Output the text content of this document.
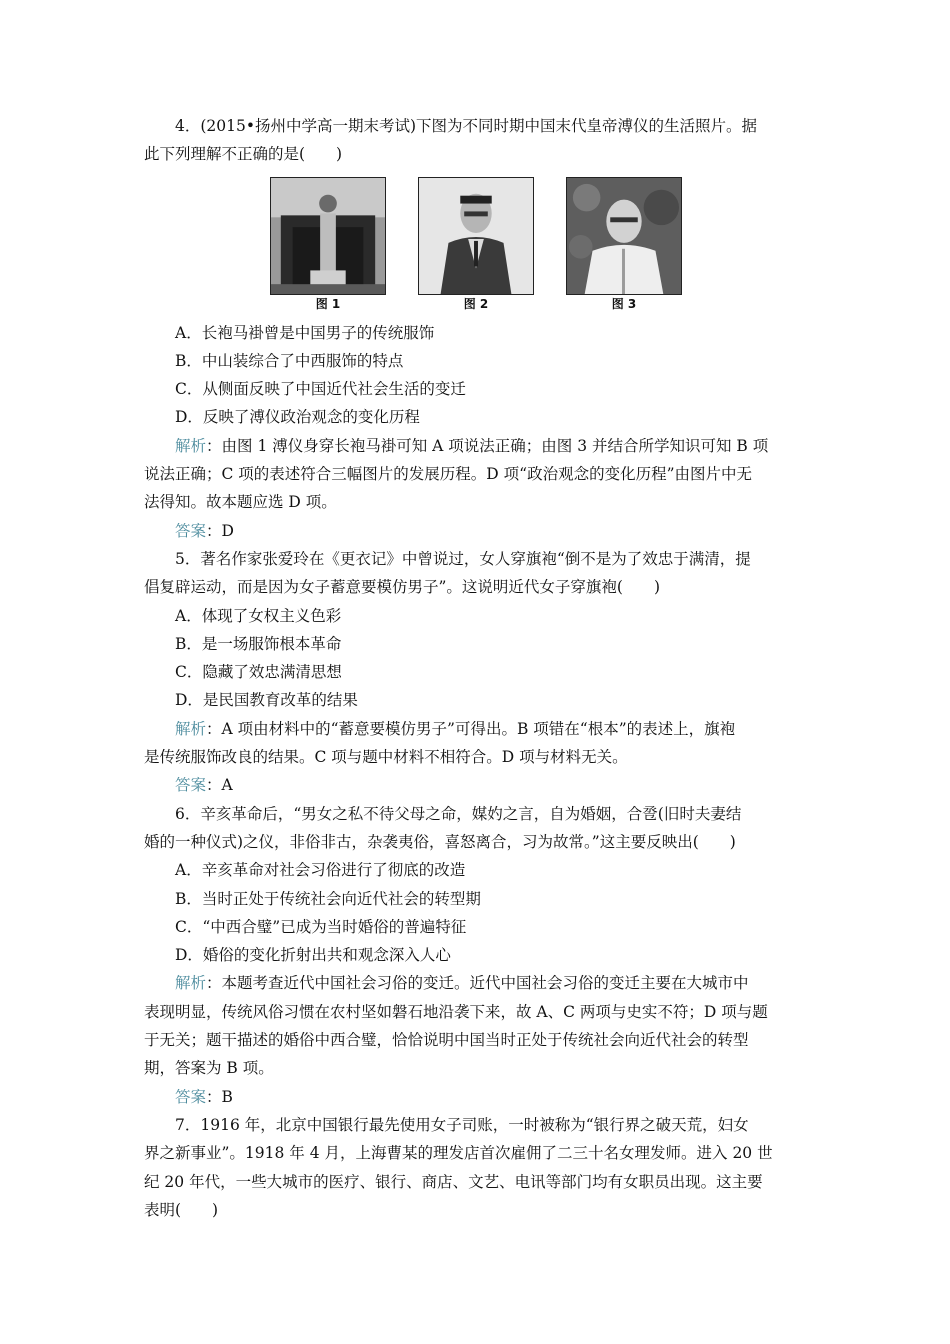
4．(2015•扬州中学高一期末考试)下图为不同时期中国末代皇帝溥仪的生活照片。据

此下列理解不正确的是(　　)

图 1	图 2	图 3

A．长袍马褂曾是中国男子的传统服饰

B．中山装综合了中西服饰的特点

C．从侧面反映了中国近代社会生活的变迁

D．反映了溥仪政治观念的变化历程

解析：由图 1 溥仪身穿长袍马褂可知 A 项说法正确；由图 3 并结合所学知识可知 B 项

说法正确；C 项的表述符合三幅图片的发展历程。D 项“政治观念的变化历程”由图片中无

法得知。故本题应选 D 项。

答案：D

5．著名作家张爱玲在《更衣记》中曾说过，女人穿旗袍“倒不是为了效忠于满清，提

倡复辟运动，而是因为女子蓄意要模仿男子”。这说明近代女子穿旗袍(　　)

A．体现了女权主义色彩

B．是一场服饰根本革命

C．隐藏了效忠满清思想

D．是民国教育改革的结果

解析：A 项由材料中的“蓄意要模仿男子”可得出。B 项错在“根本”的表述上，旗袍

是传统服饰改良的结果。C 项与题中材料不相符合。D 项与材料无关。

答案：A

6．辛亥革命后，“男女之私不待父母之命，媒妁之言，自为婚姻，合卺(旧时夫妻结

婚的一种仪式)之仪，非俗非古，杂袭夷俗，喜怒离合，习为故常。”这主要反映出(　　)

A．辛亥革命对社会习俗进行了彻底的改造

B．当时正处于传统社会向近代社会的转型期

C．“中西合璧”已成为当时婚俗的普遍特征

D．婚俗的变化折射出共和观念深入人心

解析：本题考查近代中国社会习俗的变迁。近代中国社会习俗的变迁主要在大城市中

表现明显，传统风俗习惯在农村坚如磐石地沿袭下来，故 A、C 两项与史实不符；D 项与题

于无关；题干描述的婚俗中西合璧，恰恰说明中国当时正处于传统社会向近代社会的转型

期，答案为 B 项。

答案：B

7．1916 年，北京中国银行最先使用女子司账，一时被称为“银行界之破天荒，妇女

界之新事业”。1918 年 4 月，上海曹某的理发店首次雇佣了二三十名女理发师。进入 20 世

纪 20 年代，一些大城市的医疗、银行、商店、文艺、电讯等部门均有女职员出现。这主要

表明(　　)
